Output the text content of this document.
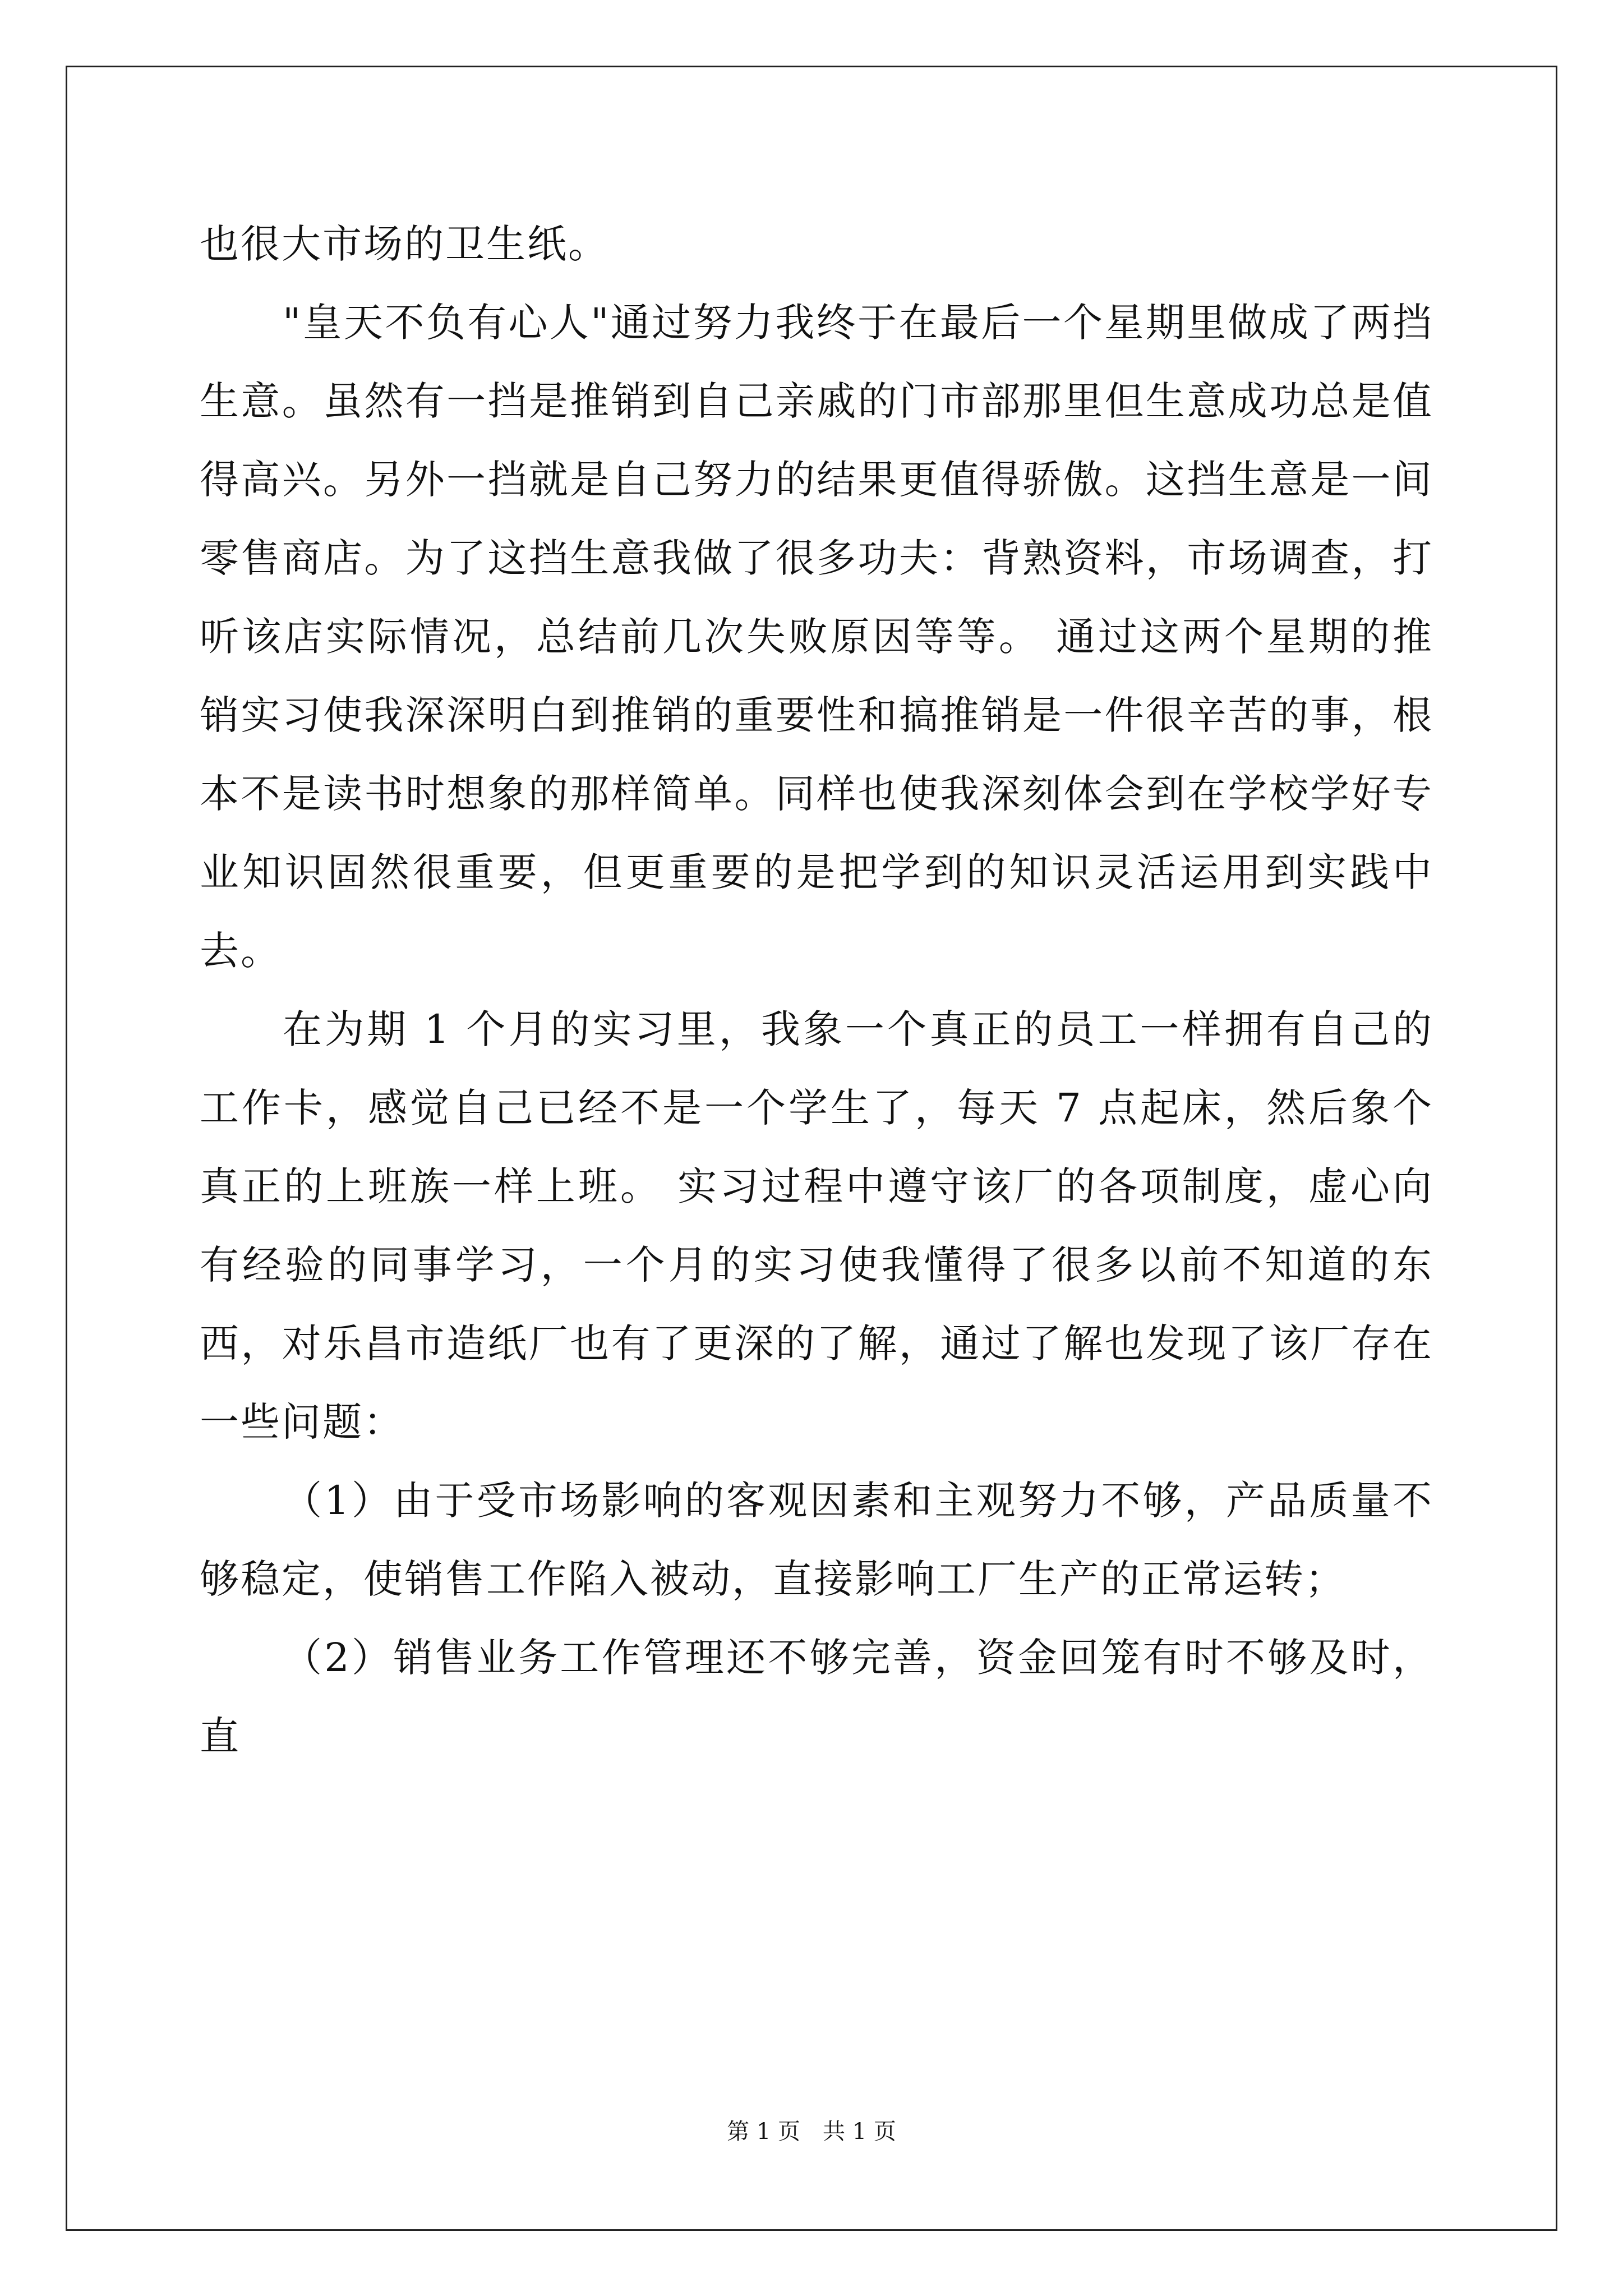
也很大市场的卫生纸。

"皇天不负有心人"通过努力我终于在最后一个星期里做成了两挡生意。虽然有一挡是推销到自己亲戚的门市部那里但生意成功总是值得高兴。另外一挡就是自己努力的结果更值得骄傲。这挡生意是一间零售商店。为了这挡生意我做了很多功夫：背熟资料，市场调查，打听该店实际情况，总结前几次失败原因等等。 通过这两个星期的推销实习使我深深明白到推销的重要性和搞推销是一件很辛苦的事，根本不是读书时想象的那样简单。同样也使我深刻体会到在学校学好专业知识固然很重要，但更重要的是把学到的知识灵活运用到实践中去。

在为期 1 个月的实习里，我象一个真正的员工一样拥有自己的工作卡，感觉自己已经不是一个学生了，每天 7 点起床，然后象个真正的上班族一样上班。 实习过程中遵守该厂的各项制度，虚心向有经验的同事学习，一个月的实习使我懂得了很多以前不知道的东西，对乐昌市造纸厂也有了更深的了解，通过了解也发现了该厂存在一些问题：

（1）由于受市场影响的客观因素和主观努力不够，产品质量不够稳定，使销售工作陷入被动，直接影响工厂生产的正常运转；

（2）销售业务工作管理还不够完善，资金回笼有时不够及时，直

第 1 页　共 1 页
